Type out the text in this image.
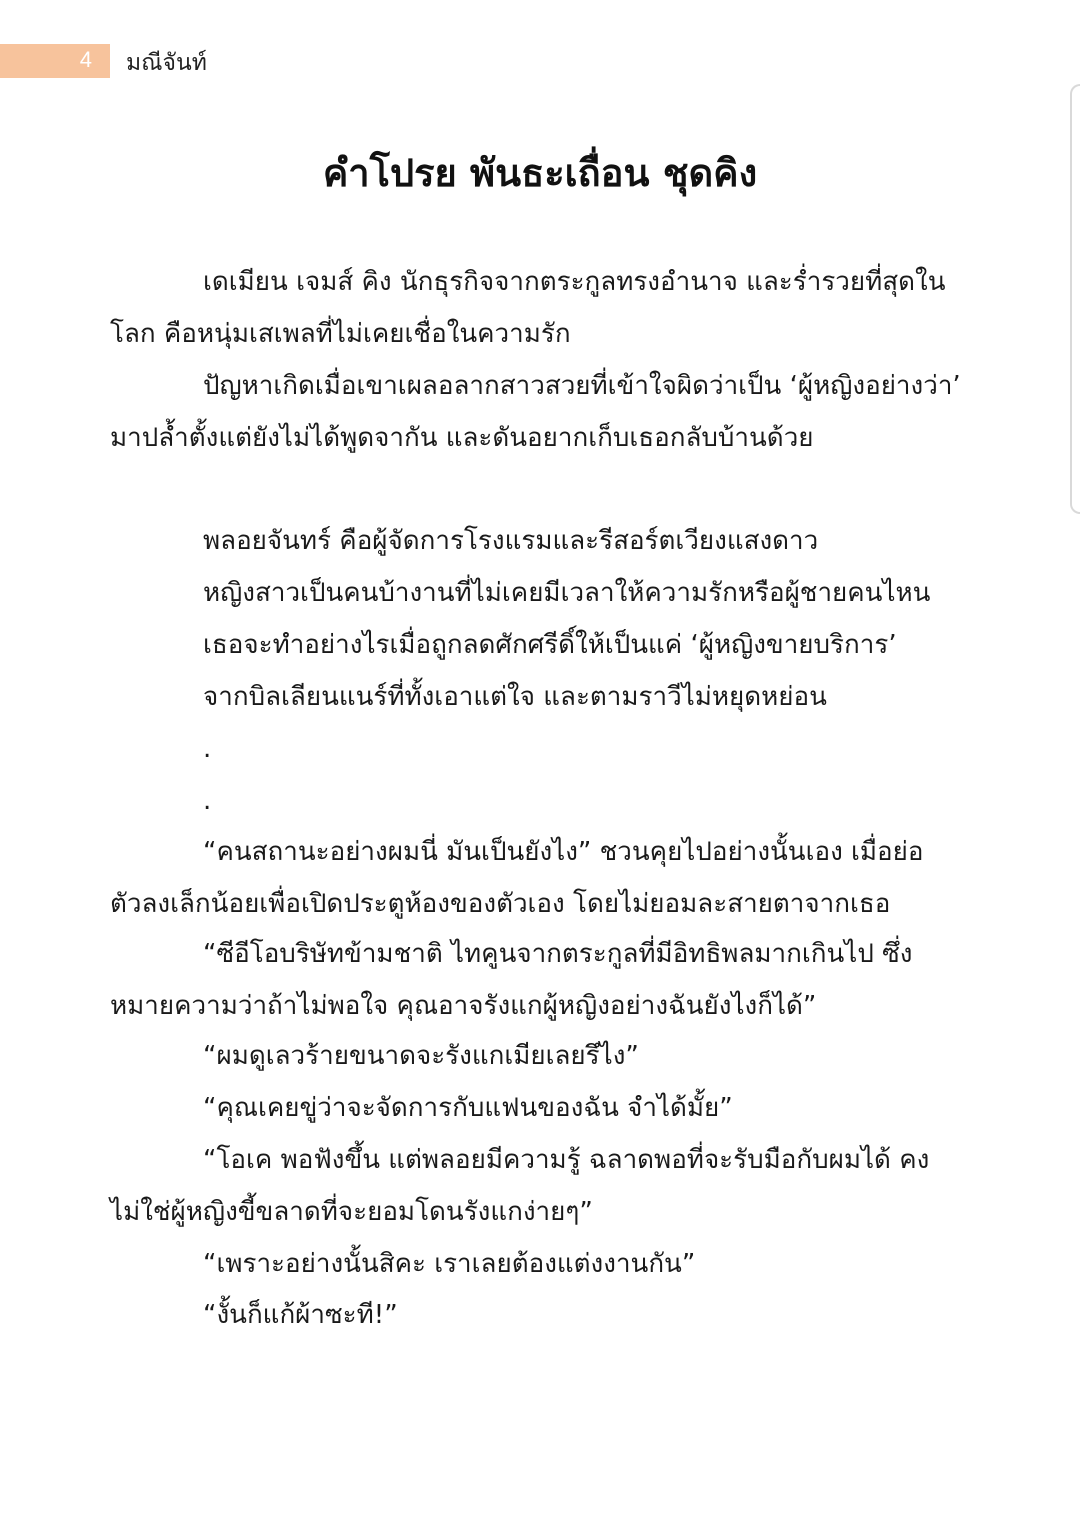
4 มณีจันท์
คำโปรย พันธะเถื่อน ชุดคิง
เดเมียน เจมส์ คิง นักธุรกิจจากตระกูลทรงอำนาจ และร่ำรวยที่สุดใน
โลก คือหนุ่มเสเพลที่ไม่เคยเชื่อในความรัก
ปัญหาเกิดเมื่อเขาเผลอลากสาวสวยที่เข้าใจผิดว่าเป็น ‘ผู้หญิงอย่างว่า’
มาปล้ำตั้งแต่ยังไม่ได้พูดจากัน และดันอยากเก็บเธอกลับบ้านด้วย
พลอยจันทร์ คือผู้จัดการโรงแรมและรีสอร์ตเวียงแสงดาว
หญิงสาวเป็นคนบ้างานที่ไม่เคยมีเวลาให้ความรักหรือผู้ชายคนไหน
เธอจะทำอย่างไรเมื่อถูกลดศักศรีดิ์ให้เป็นแค่ ‘ผู้หญิงขายบริการ’
จากบิลเลียนแนร์ที่ทั้งเอาแต่ใจ และตามราวีไม่หยุดหย่อน
.
.
“คนสถานะอย่างผมนี่ มันเป็นยังไง” ชวนคุยไปอย่างนั้นเอง เมื่อย่อ
ตัวลงเล็กน้อยเพื่อเปิดประตูห้องของตัวเอง โดยไม่ยอมละสายตาจากเธอ
“ซีอีโอบริษัทข้ามชาติ ไทคูนจากตระกูลที่มีอิทธิพลมากเกินไป ซึ่ง
หมายความว่าถ้าไม่พอใจ คุณอาจรังแกผู้หญิงอย่างฉันยังไงก็ได้”
“ผมดูเลวร้ายขนาดจะรังแกเมียเลยรึไง”
“คุณเคยขู่ว่าจะจัดการกับแฟนของฉัน จำได้มั้ย”
“โอเค พอฟังขึ้น แต่พลอยมีความรู้ ฉลาดพอที่จะรับมือกับผมได้ คง
ไม่ใช่ผู้หญิงขี้ขลาดที่จะยอมโดนรังแกง่ายๆ”
“เพราะอย่างนั้นสิคะ เราเลยต้องแต่งงานกัน”
“งั้นก็แก้ผ้าซะที!”
